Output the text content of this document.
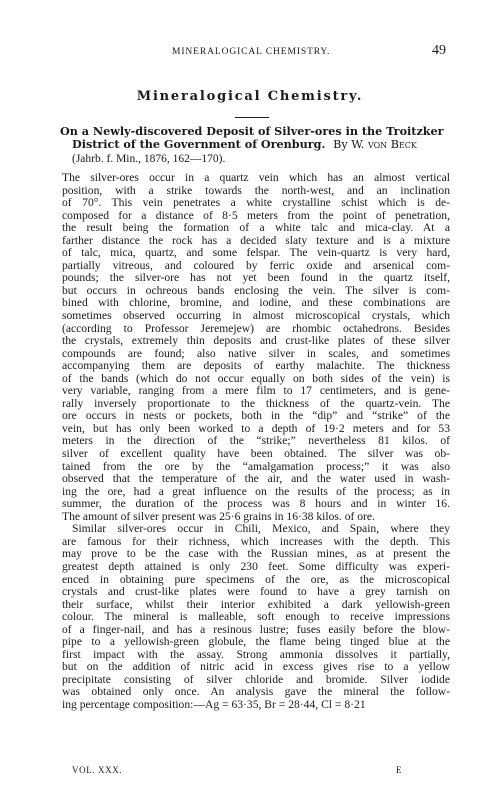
MINERALOGICAL CHEMISTRY.	49
Mineralogical Chemistry.
On a Newly-discovered Deposit of Silver-ores in the Troitzker
District of the Government of Orenburg. By W. von Beck
(Jahrb. f. Min., 1876, 162—170).
The silver-ores occur in a quartz vein which has an almost vertical
position, with a strike towards the north-west, and an inclination
of 70°. This vein penetrates a white crystalline schist which is de-
composed for a distance of 8·5 meters from the point of penetration,
the result being the formation of a white talc and mica-clay. At a
farther distance the rock has a decided slaty texture and is a mixture
of talc, mica, quartz, and some felspar. The vein-quartz is very hard,
partially vitreous, and coloured by ferric oxide and arsenical com-
pounds; the silver-ore has not yet been found in the quartz itself,
but occurs in ochreous bands enclosing the vein. The silver is com-
bined with chlorine, bromine, and iodine, and these combinations are
sometimes observed occurring in almost microscopical crystals, which
(according to Professor Jeremejew) are rhombic octahedrons. Besides
the crystals, extremely thin deposits and crust-like plates of these silver
compounds are found; also native silver in scales, and sometimes
accompanying them are deposits of earthy malachite. The thickness
of the bands (which do not occur equally on both sides of the vein) is
very variable, ranging from a mere film to 17 centimeters, and is gene-
rally inversely proportionate to the thickness of the quartz-vein. The
ore occurs in nests or pockets, both in the “dip” and “strike” of the
vein, but has only been worked to a depth of 19·2 meters and for 53
meters in the direction of the “strike;” nevertheless 81 kilos. of
silver of excellent quality have been obtained. The silver was ob-
tained from the ore by the “amalgamation process;” it was also
observed that the temperature of the air, and the water used in wash-
ing the ore, had a great influence on the results of the process; as in
summer, the duration of the process was 8 hours and in winter 16.
The amount of silver present was 25·6 grains in 16·38 kilos. of ore.
Similar silver-ores occur in Chili, Mexico, and Spain, where they
are famous for their richness, which increases with the depth. This
may prove to be the case with the Russian mines, as at present the
greatest depth attained is only 230 feet. Some difficulty was experi-
enced in obtaining pure specimens of the ore, as the microscopical
crystals and crust-like plates were found to have a grey tarnish on
their surface, whilst their interior exhibited a dark yellowish-green
colour. The mineral is malleable, soft enough to receive impressions
of a finger-nail, and has a resinous lustre; fuses easily before the blow-
pipe to a yellowish-green globule, the flame being tinged blue at the
first impact with the assay. Strong ammonia dissolves it partially,
but on the addition of nitric acid in excess gives rise to a yellow
precipitate consisting of silver chloride and bromide. Silver iodide
was obtained only once. An analysis gave the mineral the follow-
ing percentage composition:—Ag = 63·35, Br = 28·44, Cl = 8·21
VOL. XXX.	E
